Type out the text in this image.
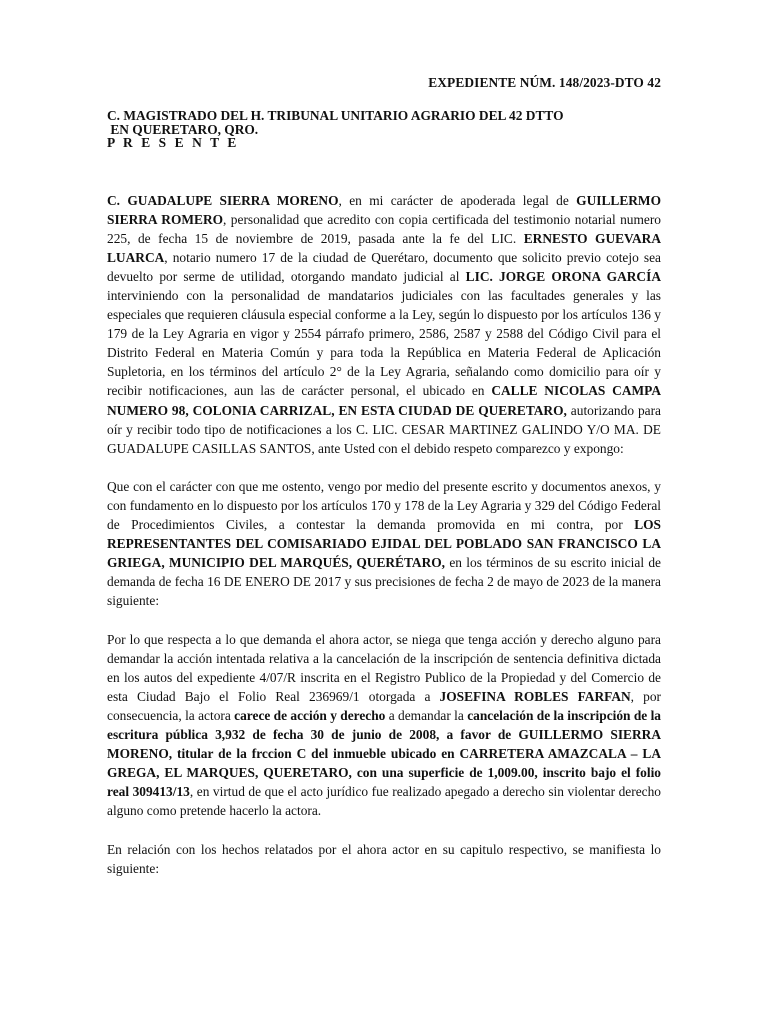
EXPEDIENTE NÚM. 148/2023-DTO 42
C. MAGISTRADO DEL H. TRIBUNAL UNITARIO AGRARIO DEL 42 DTTO
EN QUERETARO, QRO.
P R E S E N T E

C. GUADALUPE SIERRA MORENO, en mi carácter de apoderada legal de GUILLERMO SIERRA ROMERO, personalidad que acredito con copia certificada del testimonio notarial numero 225, de fecha 15 de noviembre de 2019, pasada ante la fe del LIC. ERNESTO GUEVARA LUARCA, notario numero 17 de la ciudad de Querétaro, documento que solicito previo cotejo sea devuelto por serme de utilidad, otorgando mandato judicial al LIC. JORGE ORONA GARCÍA interviniendo con la personalidad de mandatarios judiciales con las facultades generales y las especiales que requieren cláusula especial conforme a la Ley, según lo dispuesto por los artículos 136 y 179 de la Ley Agraria en vigor y 2554 párrafo primero, 2586, 2587 y 2588 del Código Civil para el Distrito Federal en Materia Común y para toda la República en Materia Federal de Aplicación Supletoria, en los términos del artículo 2° de la Ley Agraria, señalando como domicilio para oír y recibir notificaciones, aun las de carácter personal, el ubicado en CALLE NICOLAS CAMPA NUMERO 98, COLONIA CARRIZAL, EN ESTA CIUDAD DE QUERETARO, autorizando para oír y recibir todo tipo de notificaciones a los C. LIC. CESAR MARTINEZ GALINDO Y/O MA. DE GUADALUPE CASILLAS SANTOS, ante Usted con el debido respeto comparezco y expongo:

Que con el carácter con que me ostento, vengo por medio del presente escrito y documentos anexos, y con fundamento en lo dispuesto por los artículos 170 y 178 de la Ley Agraria y 329 del Código Federal de Procedimientos Civiles, a contestar la demanda promovida en mi contra, por LOS REPRESENTANTES DEL COMISARIADO EJIDAL DEL POBLADO SAN FRANCISCO LA GRIEGA, MUNICIPIO DEL MARQUÉS, QUERÉTARO, en los términos de su escrito inicial de demanda de fecha 16 DE ENERO DE 2017 y sus precisiones de fecha 2 de mayo de 2023 de la manera siguiente:

Por lo que respecta a lo que demanda el ahora actor, se niega que tenga acción y derecho alguno para demandar la acción intentada relativa a la cancelación de la inscripción de sentencia definitiva dictada en los autos del expediente 4/07/R inscrita en el Registro Publico de la Propiedad y del Comercio de esta Ciudad Bajo el Folio Real 236969/1 otorgada a JOSEFINA ROBLES FARFAN, por consecuencia, la actora carece de acción y derecho a demandar la cancelación de la inscripción de la escritura pública 3,932 de fecha 30 de junio de 2008, a favor de GUILLERMO SIERRA MORENO, titular de la frccion C del inmueble ubicado en CARRETERA AMAZCALA – LA GREGA, EL MARQUES, QUERETARO, con una superficie de 1,009.00, inscrito bajo el folio real 309413/13, en virtud de que el acto jurídico fue realizado apegado a derecho sin violentar derecho alguno como pretende hacerlo la actora.

En relación con los hechos relatados por el ahora actor en su capitulo respectivo, se manifiesta lo siguiente:
